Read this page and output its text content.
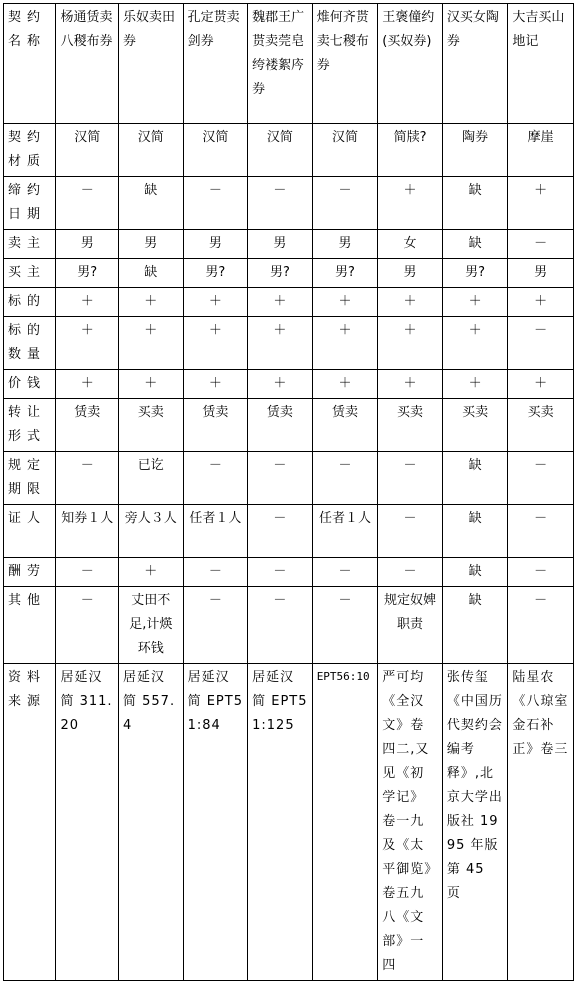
契约名称	杨通赁卖八稯布券	乐奴卖田券	孔定贳卖剑券	魏郡王广贳卖莞皂绔褛絮庈券	焳何齐贳卖七稯布券	王褒僮约(买奴券)	汉买女陶券	大吉买山地记
契约材质	汉简	汉简	汉简	汉简	汉简	简牍?	陶券	摩崖
缔约日期	－	缺	－	－	－	＋	缺	＋
卖主	男	男	男	男	男	女	缺	－
买主	男?	缺	男?	男?	男?	男	男?	男
标的	＋	＋	＋	＋	＋	＋	＋	＋
标的数量	＋	＋	＋	＋	＋	＋	＋	－
价钱	＋	＋	＋	＋	＋	＋	＋	＋
转让形式	赁卖	买卖	赁卖	赁卖	赁卖	买卖	买卖	买卖
规定期限	－	已讫	－	－	－	－	缺	－
证人	知券１人	旁人３人	任者１人	－	任者１人	－	缺	－
酬劳	－	＋	－	－	－	－	缺	－
其他	－	丈田不足,计煐环钱	－	－	－	规定奴婢职责	缺	－
资料来源	居延汉简 311.20	居延汉简 557.4	居延汉简 EPT51:84	居延汉简 EPT51:125	EPT56:10	严可均《全汉文》卷四二,又见《初学记》卷一九及《太平御览》卷五九八《文部》一四	张传玺《中国历代契约会编考释》,北京大学出版社 1995 年版第 45 页	陆星农《八琼室金石补正》卷三
